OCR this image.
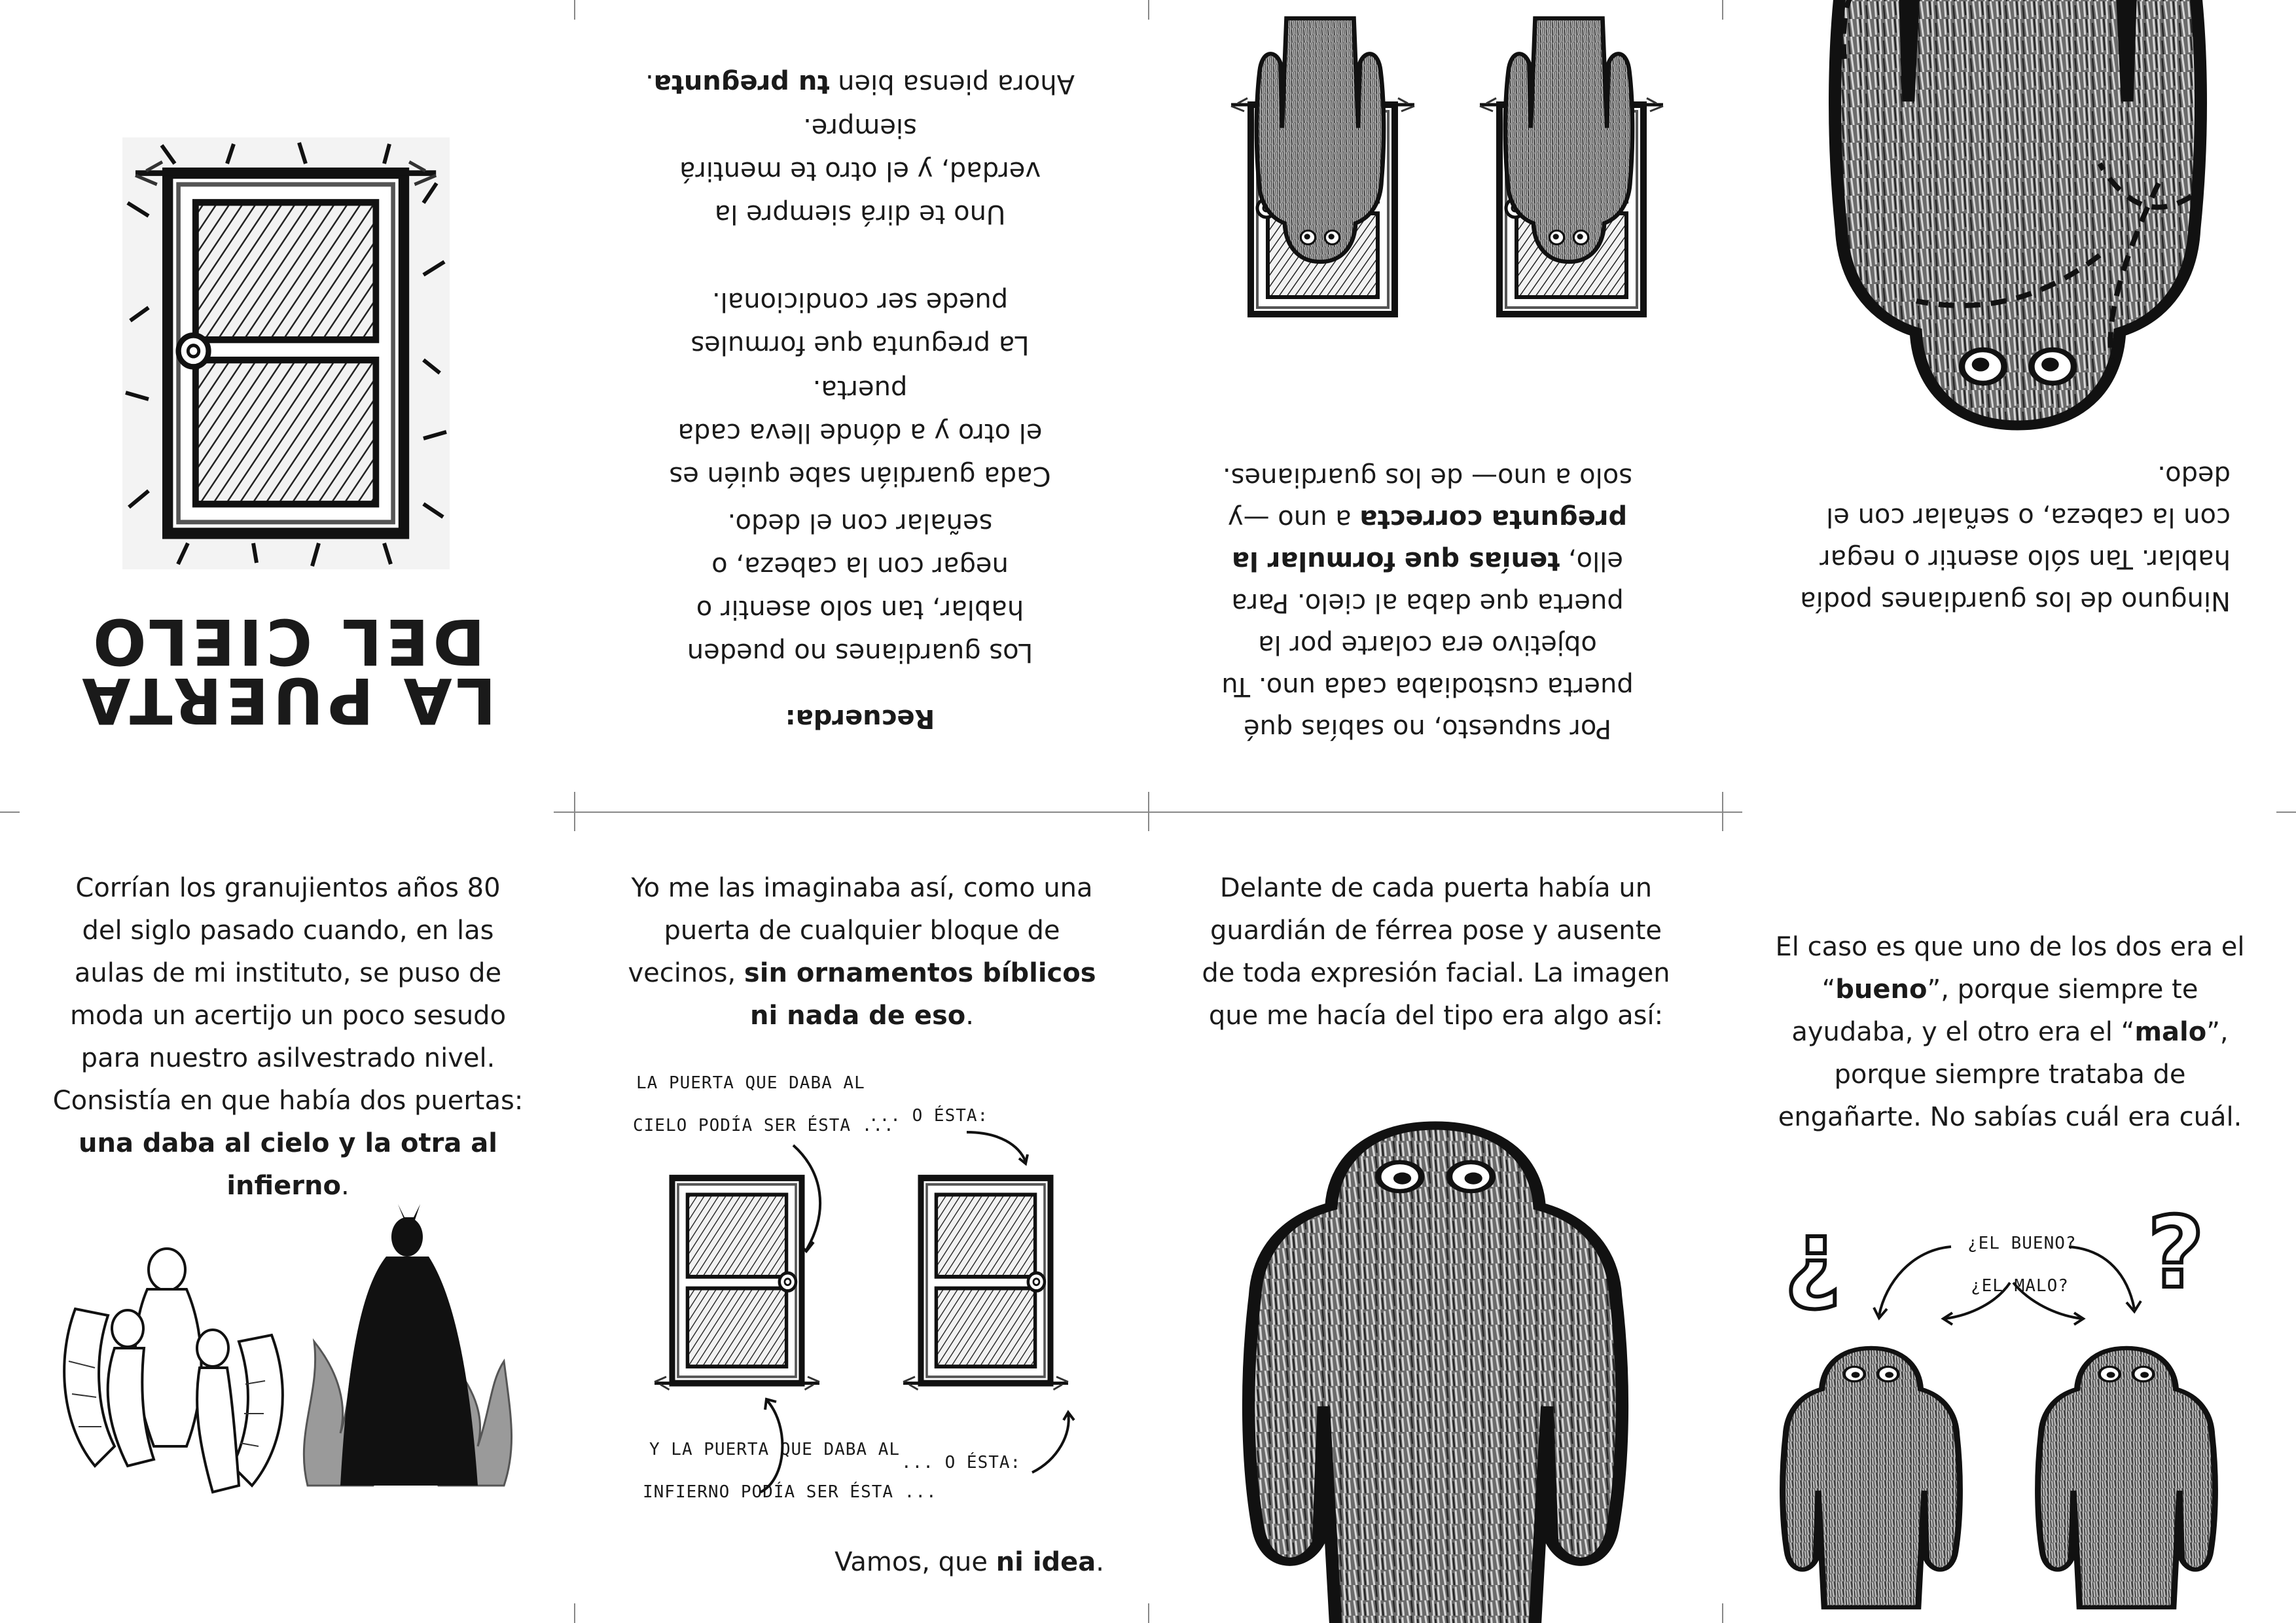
LA PUERTA
DEL CIELO
Recuerda:
Los guardianes no pueden hablar, tan solo asentir o negar con la cabeza, o señalar con el dedo.
Cada guardián sabe quién es el otro y a dónde lleva cada puerta.
La pregunta que formules puede ser condicional.
Uno te dirá siempre la verdad, y el otro te mentirá siempre.
Ahora piensa bien tu pregunta.
Por supuesto, no sabías qué puerta custodiaba cada uno. Tu objetivo era colarte por la puerta que daba al cielo. Para ello, tenías que formular la pregunta correcta a uno —y solo a uno— de los guardianes.
Ninguno de los guardianes podía hablar. Tan sólo asentir o negar con la cabeza, o señalar con el dedo.
Corrían los granujientos años 80 del siglo pasado cuando, en las aulas de mi instituto, se puso de moda un acertijo un poco sesudo para nuestro asilvestrado nivel. Consistía en que había dos puertas: una daba al cielo y la otra al infierno.
Yo me las imaginaba así, como una puerta de cualquier bloque de vecinos, sin ornamentos bíblicos ni nada de eso.
LA PUERTA QUE DABA AL
CIELO PODÍA SER ÉSTA ...
... O ÉSTA:
Y LA PUERTA QUE DABA AL
INFIERNO PODÍA SER ÉSTA ...
... O ÉSTA:
Vamos, que ni idea.
Delante de cada puerta había un guardián de férrea pose y ausente de toda expresión facial. La imagen que me hacía del tipo era algo así:
El caso es que uno de los dos era el “bueno”, porque siempre te ayudaba, y el otro era el “malo”, porque siempre trataba de engañarte. No sabías cuál era cuál.
¿EL BUENO?
¿EL MALO?
¿	?
